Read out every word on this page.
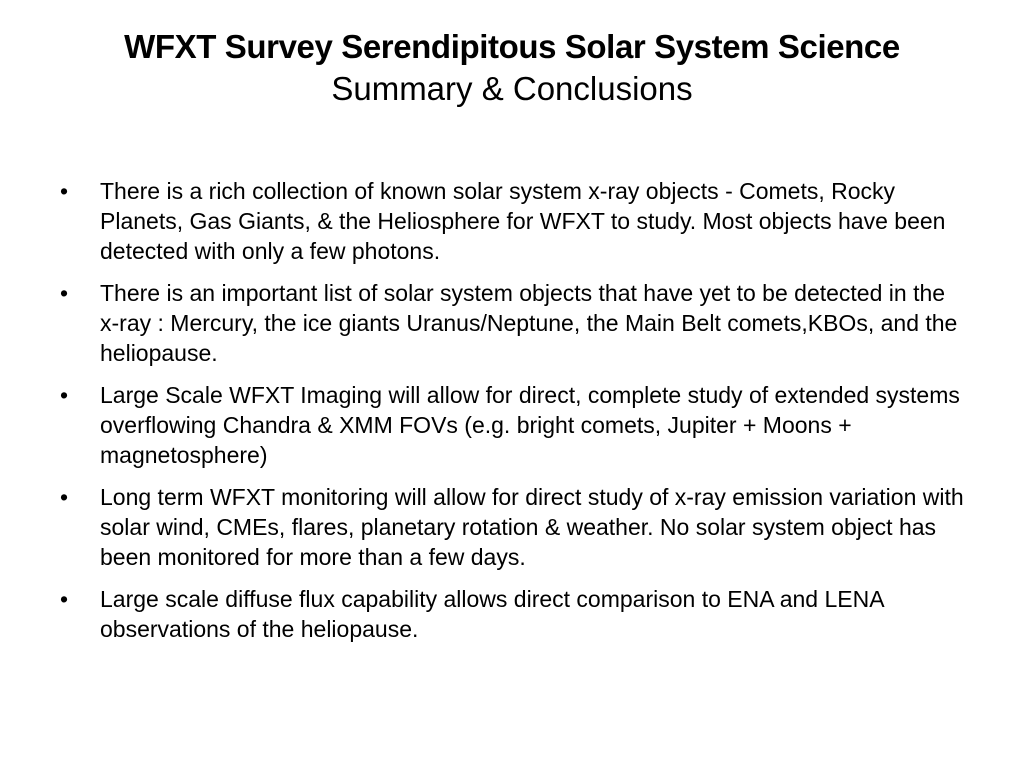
WFXT Survey Serendipitous Solar System Science
Summary & Conclusions
•	There is a rich collection of known solar system x-ray objects - Comets, Rocky Planets, Gas Giants, & the Heliosphere for WFXT to study. Most objects have been detected with only a few photons.
•	There is an important list of solar system objects that have yet to be detected in the x-ray : Mercury, the ice giants Uranus/Neptune, the Main Belt comets,KBOs, and the heliopause.
•	Large Scale WFXT Imaging will allow for direct, complete study of extended systems overflowing Chandra & XMM FOVs (e.g. bright comets, Jupiter + Moons + magnetosphere)
•	Long term WFXT monitoring will allow for direct study of x-ray emission variation with solar wind, CMEs, flares, planetary rotation & weather. No solar system object has been monitored for more than a few days.
•	Large scale diffuse flux capability allows direct comparison to ENA and LENA observations of the heliopause.
